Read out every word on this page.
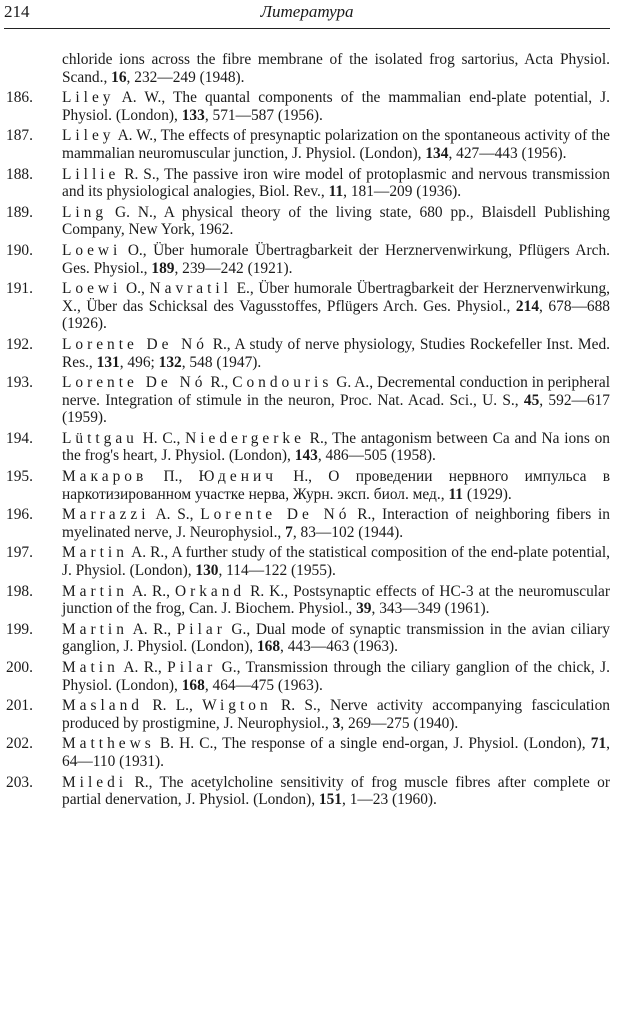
214	Литература
chloride ions across the fibre membrane of the isolated frog sartorius, Acta Physiol. Scand., 16, 232—249 (1948).
186. Liley A. W., The quantal components of the mammalian end-plate potential, J. Physiol. (London), 133, 571—587 (1956).
187. Liley A. W., The effects of presynaptic polarization on the spontaneous activity of the mammalian neuromuscular junction, J. Physiol. (London), 134, 427—443 (1956).
188. Lillie R. S., The passive iron wire model of protoplasmic and nervous transmission and its physiological analogies, Biol. Rev., 11, 181—209 (1936).
189. Ling G. N., A physical theory of the living state, 680 pp., Blaisdell Publishing Company, New York, 1962.
190. Loewi O., Über humorale Übertragbarkeit der Herznervenwirkung, Pflügers Arch. Ges. Physiol., 189, 239—242 (1921).
191. Loewi O., Navratil E., Über humorale Übertragbarkeit der Herznervenwirkung, X., Über das Schicksal des Vagusstoffes, Pflügers Arch. Ges. Physiol., 214, 678—688 (1926).
192. Lorente De Nó R., A study of nerve physiology, Studies Rockefeller Inst. Med. Res., 131, 496; 132, 548 (1947).
193. Lorente De Nó R., Condouris G. A., Decremental conduction in peripheral nerve. Integration of stimule in the neuron, Proc. Nat. Acad. Sci., U. S., 45, 592—617 (1959).
194. Lüttgau H. C., Niedergerke R., The antagonism between Ca and Na ions on the frog's heart, J. Physiol. (London), 143, 486—505 (1958).
195. Макаров П., Юденич Н., О проведении нервного импульса в наркотизированном участке нерва, Журн. эксп. биол. мед., 11 (1929).
196. Marrazzi A. S., Lorente De Nó R., Interaction of neighboring fibers in myelinated nerve, J. Neurophysiol., 7, 83—102 (1944).
197. Martin A. R., A further study of the statistical composition of the end-plate potential, J. Physiol. (London), 130, 114—122 (1955).
198. Martin A. R., Orkand R. K., Postsynaptic effects of HC-3 at the neuromuscular junction of the frog, Can. J. Biochem. Physiol., 39, 343—349 (1961).
199. Martin A. R., Pilar G., Dual mode of synaptic transmission in the avian ciliary ganglion, J. Physiol. (London), 168, 443—463 (1963).
200. Matin A. R., Pilar G., Transmission through the ciliary ganglion of the chick, J. Physiol. (London), 168, 464—475 (1963).
201. Masland R. L., Wigton R. S., Nerve activity accompanying fasciculation produced by prostigmine, J. Neurophysiol., 3, 269—275 (1940).
202. Matthews B. H. C., The response of a single end-organ, J. Physiol. (London), 71, 64—110 (1931).
203. Miledi R., The acetylcholine sensitivity of frog muscle fibres after complete or partial denervation, J. Physiol. (London), 151, 1—23 (1960).
